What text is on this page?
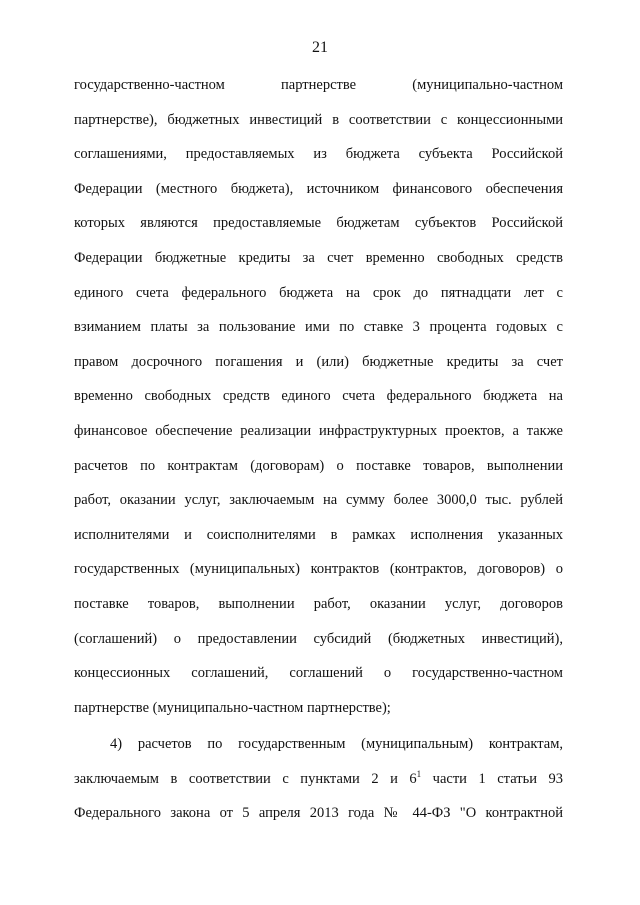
21
государственно-частном партнерстве (муниципально-частном
партнерстве), бюджетных инвестиций в соответствии с концессионными
соглашениями, предоставляемых из бюджета субъекта Российской
Федерации (местного бюджета), источником финансового обеспечения
которых являются предоставляемые бюджетам субъектов Российской
Федерации бюджетные кредиты за счет временно свободных средств
единого счета федерального бюджета на срок до пятнадцати лет с
взиманием платы за пользование ими по ставке 3 процента годовых с
правом досрочного погашения и (или) бюджетные кредиты за счет
временно свободных средств единого счета федерального бюджета на
финансовое обеспечение реализации инфраструктурных проектов, а также
расчетов по контрактам (договорам) о поставке товаров, выполнении
работ, оказании услуг, заключаемым на сумму более 3000,0 тыс. рублей
исполнителями и соисполнителями в рамках исполнения указанных
государственных (муниципальных) контрактов (контрактов, договоров) о
поставке товаров, выполнении работ, оказании услуг, договоров
(соглашений) о предоставлении субсидий (бюджетных инвестиций),
концессионных соглашений, соглашений о государственно-частном
партнерстве (муниципально-частном партнерстве);
4) расчетов по государственным (муниципальным) контрактам,
заключаемым в соответствии с пунктами 2 и $6^1$ части 1 статьи 93
Федерального закона от 5 апреля 2013 года № 44-ФЗ "О контрактной
